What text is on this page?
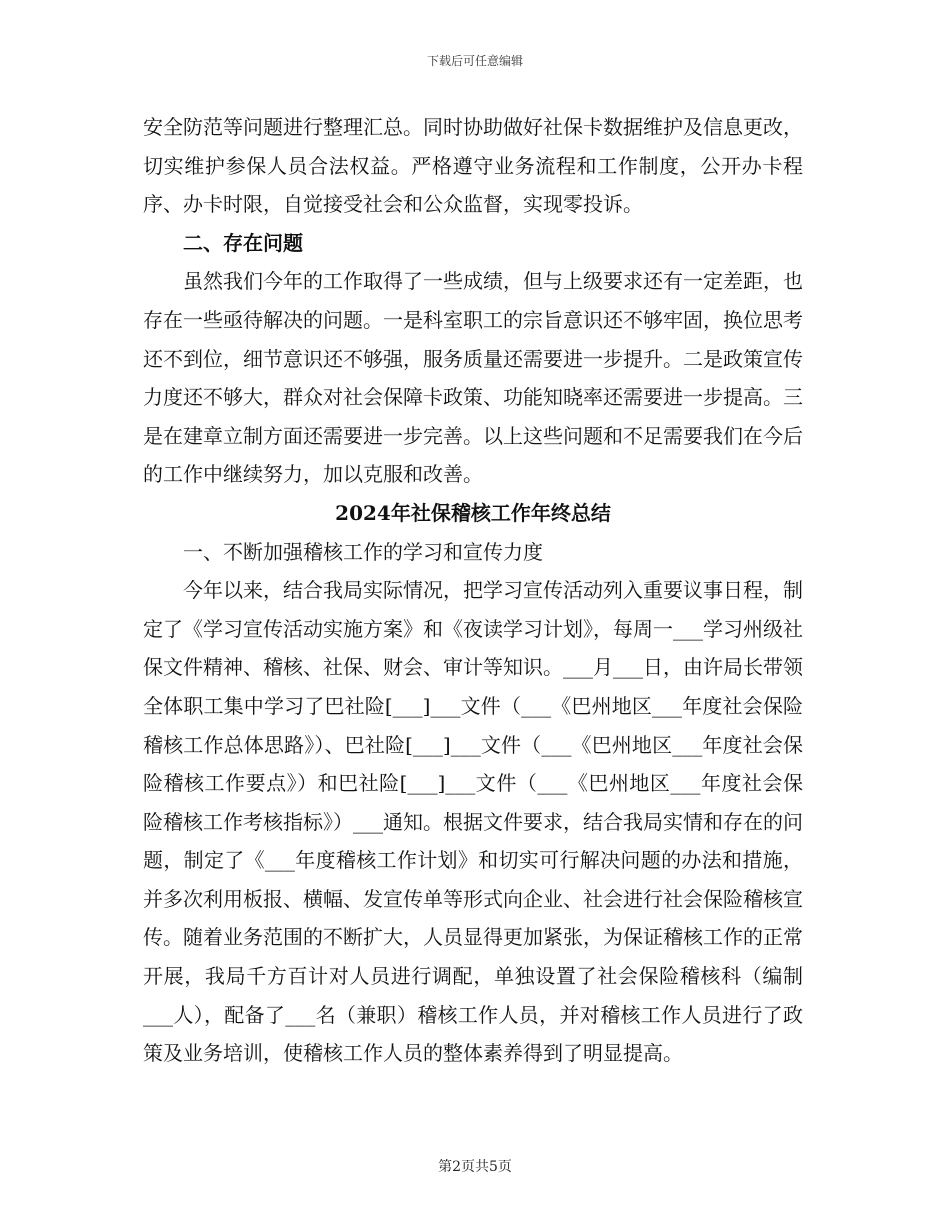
下载后可任意编辑

安全防范等问题进行整理汇总。同时协助做好社保卡数据维护及信息更改，切实维护参保人员合法权益。严格遵守业务流程和工作制度，公开办卡程序、办卡时限，自觉接受社会和公众监督，实现零投诉。

二、存在问题

虽然我们今年的工作取得了一些成绩，但与上级要求还有一定差距，也存在一些亟待解决的问题。一是科室职工的宗旨意识还不够牢固，换位思考还不到位，细节意识还不够强，服务质量还需要进一步提升。二是政策宣传力度还不够大，群众对社会保障卡政策、功能知晓率还需要进一步提高。三是在建章立制方面还需要进一步完善。以上这些问题和不足需要我们在今后的工作中继续努力，加以克服和改善。

2024年社保稽核工作年终总结

一、不断加强稽核工作的学习和宣传力度

今年以来，结合我局实际情况，把学习宣传活动列入重要议事日程，制定了《学习宣传活动实施方案》和《夜读学习计划》，每周一___学习州级社保文件精神、稽核、社保、财会、审计等知识。___月___日，由许局长带领全体职工集中学习了巴社险[___]___文件（___《巴州地区___年度社会保险稽核工作总体思路》）、巴社险[___]___文件（___《巴州地区___年度社会保险稽核工作要点》）和巴社险[___]___文件（___《巴州地区___年度社会保险稽核工作考核指标》）___通知。根据文件要求，结合我局实情和存在的问题，制定了《___年度稽核工作计划》和切实可行解决问题的办法和措施，并多次利用板报、横幅、发宣传单等形式向企业、社会进行社会保险稽核宣传。随着业务范围的不断扩大，人员显得更加紧张，为保证稽核工作的正常开展，我局千方百计对人员进行调配，单独设置了社会保险稽核科（编制___人），配备了___名（兼职）稽核工作人员，并对稽核工作人员进行了政策及业务培训，使稽核工作人员的整体素养得到了明显提高。

第2页共5页
